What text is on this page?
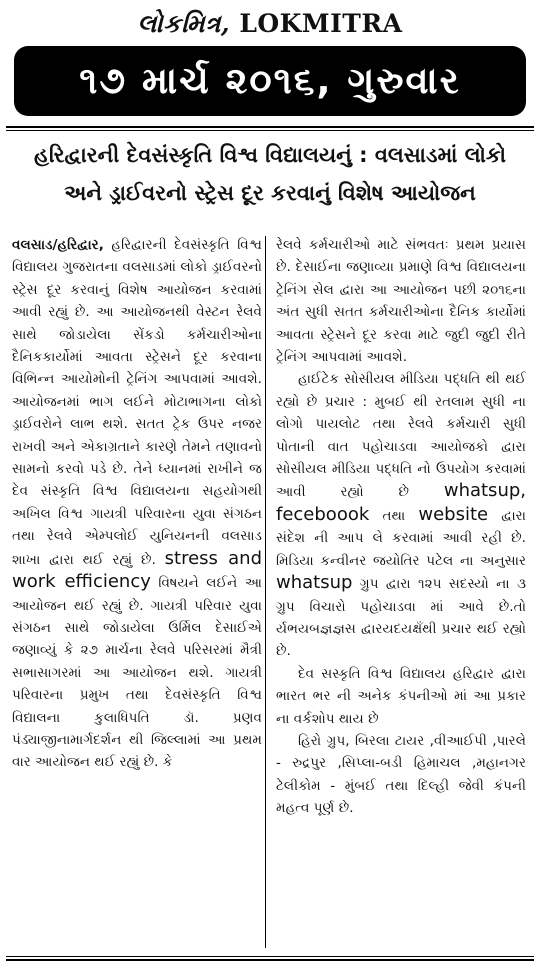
લોકમિત્ર, LOKMITRA
૧૭ માર્ચ ૨૦૧૬, ગુરુવાર
હરિદ્વારની દેવસંસ્કૃતિ વિશ્વ વિદ્યાલયનું : વલસાડમાં લોકો
અને ડ્રાઈવરનો સ્ટ્રેસ દૂર કરવાનું વિશેષ આયોજન

વલસાડ/હરિદ્વાર, હરિદ્વારની દેવસંસ્કૃતિ વિશ્વ વિદ્યાલય ગુજરાતના વલસાડમાં લોકો ડ્રાઈવરનો સ્ટ્રેસ દૂર કરવાનું વિશેષ આયોજન કરવામાં આવી રહ્યું છે. આ આયોજનથી વેસ્ટન રેલવે સાથે જોડાયેલા સેંકડો કર્મચારીઓના દૈનિકકાર્યોમાં આવતા સ્ટ્રેસને દૂર કરવાના વિભિન્ન આયોમોની ટ્રેનિંગ આપવામાં આવશે. આયોજનમાં ભાગ લઈને મોટાભાગના લોકો ડ્રાઈવરોને લાભ થશે. સતત ટ્રેક ઉપર નજર રાખવી અને એકાગ્રતાને કારણે તેમને તણાવનો સામનો કરવો પડે છે. તેને ધ્યાનમાં રાખીને જ દેવ સંસ્કૃતિ વિશ્વ વિદ્યાલયના સહયોગથી અખિલ વિશ્વ ગાયત્રી પરિવારના યુવા સંગઠન તથા રેલવે એમ્પલોઈ યુનિયનની વલસાડ શાખા દ્વારા થઈ રહ્યું છે. stress and work efficiency વિષયને લઈને આ આયોજન થઈ રહ્યું છે. ગાયત્રી પરિવાર યુવા સંગઠન સાથે જોડાયેલા ઉર્મિલ દેસાઈએ જણાવ્યું કે ૨૭ માર્ચના રેલવે પરિસરમાં મૈત્રી સભાસાગરમાં આ આયોજન થશે. ગાયત્રી પરિવારના પ્રમુખ તથા દેવસંસ્કૃતિ વિશ્વ વિદ્યાલના કુલાધિપતિ ડૉ. પ્રણવ પંડ્યાજીનામાર્ગદર્શન થી જિલ્લામાં આ પ્રથમ વાર આયોજન થઈ રહ્યું છે. કે

રેલવે કર્મચારીઓ માટે સંભવતઃ પ્રથમ પ્રયાસ છે. દેસાઈના જણાવ્યા પ્રમાણે વિશ્વ વિદ્યાલયના ટ્રેનિંગ સેલ દ્વારા આ આયોજન પછી ૨૦૧૬ના અંત સુધી સતત કર્મચારીઓના દૈનિક કાર્યોમાં આવતા સ્ટ્રેસને દૂર કરવા માટે જુદી જુદી રીતે ટ્રેનિંગ આપવામાં આવશે.

હાઈટેક સોસીયલ મીડિયા પદ્ધતિ થી થઈ રહ્યો છે પ્રચાર : મુબઈ થી રતલામ સુધી ના લોગો પાયલોટ તથા રેલવે કર્મચારી સુધી પોતાની વાત પહોચાડવા આયોજકો દ્વારા સોસીયલ મીડિયા પદ્ધતિ નો ઉપયોગ કરવામાં આવી રહ્યો છે whatsup, feceboook તથા website દ્વારા સંદેશ ની આપ લે કરવામાં આવી રહી છે. મિડિયા કન્વીનર જયોતિર પટેલ ના અનુસાર whatsup ગ્રુપ દ્વારા ૧૨૫ સદસ્યો ના ૩ ગ્રુપ વિચારો પહોચાડવા માં આવે છે.તો ર્યભયબજ્ઞજ્ઞસ દ્વારયદયક્ષઁથી પ્રચાર થઈ રહ્યો છે.

દેવ સસ્કૃતિ વિશ્વ વિદ્યાલય હરિદ્વાર દ્વારા ભારત ભર ની અનેક કંપનીઓ માં આ પ્રકાર ના વર્કશોપ થાય છે

હિરો ગ્રુપ, બિરલા ટાયર ,વીઆઈપી ,પારલે - રુદ્રપુર ,સિપ્લા-બડી હિમાચલ ,મહાનગર ટેલીકોમ - મુંબઈ તથા દિલ્હી જેવી કંપની મહત્વ પૂર્ણ છે.
